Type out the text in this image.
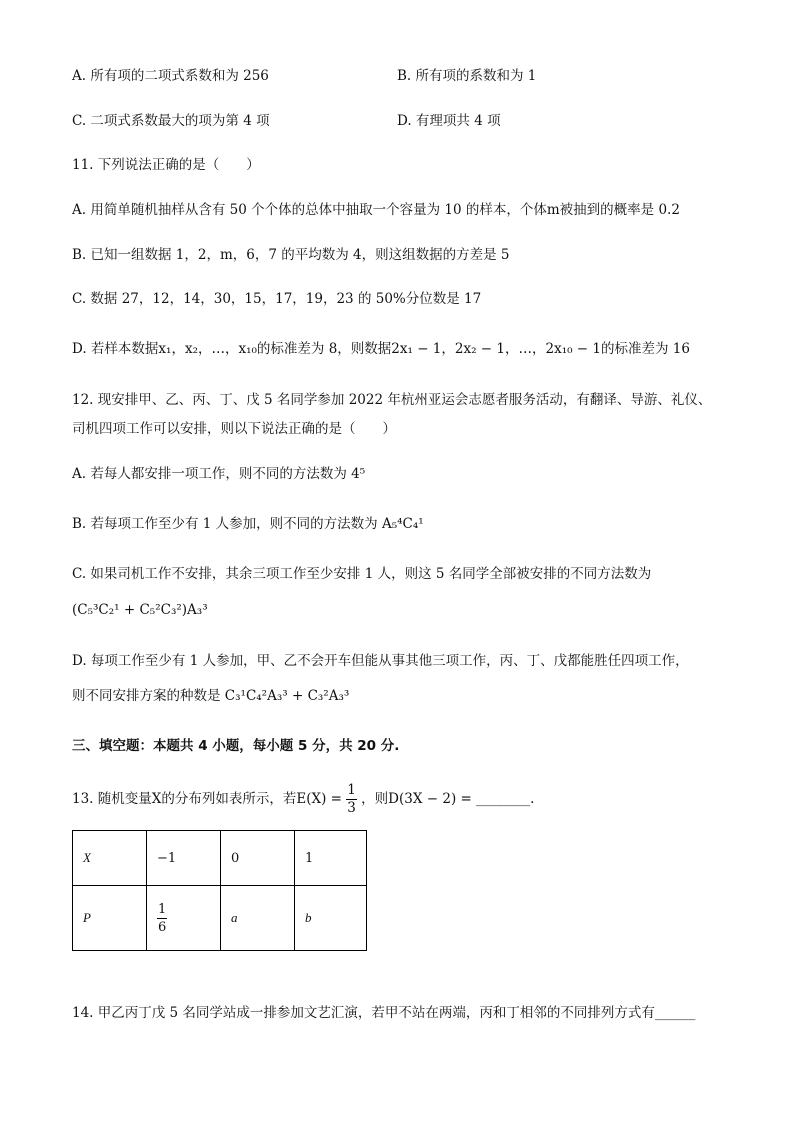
A. 所有项的二项式系数和为 256	B. 所有项的系数和为 1
C. 二项式系数最大的项为第 4 项	D. 有理项共 4 项
11. 下列说法正确的是（　　）
A. 用简单随机抽样从含有 50 个个体的总体中抽取一个容量为 10 的样本，个体m被抽到的概率是 0.2
B. 已知一组数据 1，2，m，6，7 的平均数为 4，则这组数据的方差是 5
C. 数据 27，12，14，30，15，17，19，23 的 50%分位数是 17
D. 若样本数据x₁，x₂，…，x₁₀的标准差为 8，则数据2x₁ − 1，2x₂ − 1，…，2x₁₀ − 1的标准差为 16
12. 现安排甲、乙、丙、丁、戊 5 名同学参加 2022 年杭州亚运会志愿者服务活动，有翻译、导游、礼仪、
司机四项工作可以安排，则以下说法正确的是（　　）
A. 若每人都安排一项工作，则不同的方法数为 4⁵
B. 若每项工作至少有 1 人参加，则不同的方法数为 A₅⁴C₄¹
C. 如果司机工作不安排，其余三项工作至少安排 1 人，则这 5 名同学全部被安排的不同方法数为
(C₅³C₂¹ + C₅²C₃²)A₃³
D. 每项工作至少有 1 人参加，甲、乙不会开车但能从事其他三项工作，丙、丁、戊都能胜任四项工作，
则不同安排方案的种数是 C₃¹C₄²A₃³ + C₃²A₃³
三、填空题：本题共 4 小题，每小题 5 分，共 20 分.
13. 随机变量X的分布列如表所示，若$E(X) = \frac{1}{3}$ ，则D(3X − 2) = ________.
X	−1	0	1
P	$\frac{1}{6}$	a	b
14. 甲乙丙丁戊 5 名同学站成一排参加文艺汇演，若甲不站在两端，丙和丁相邻的不同排列方式有______
